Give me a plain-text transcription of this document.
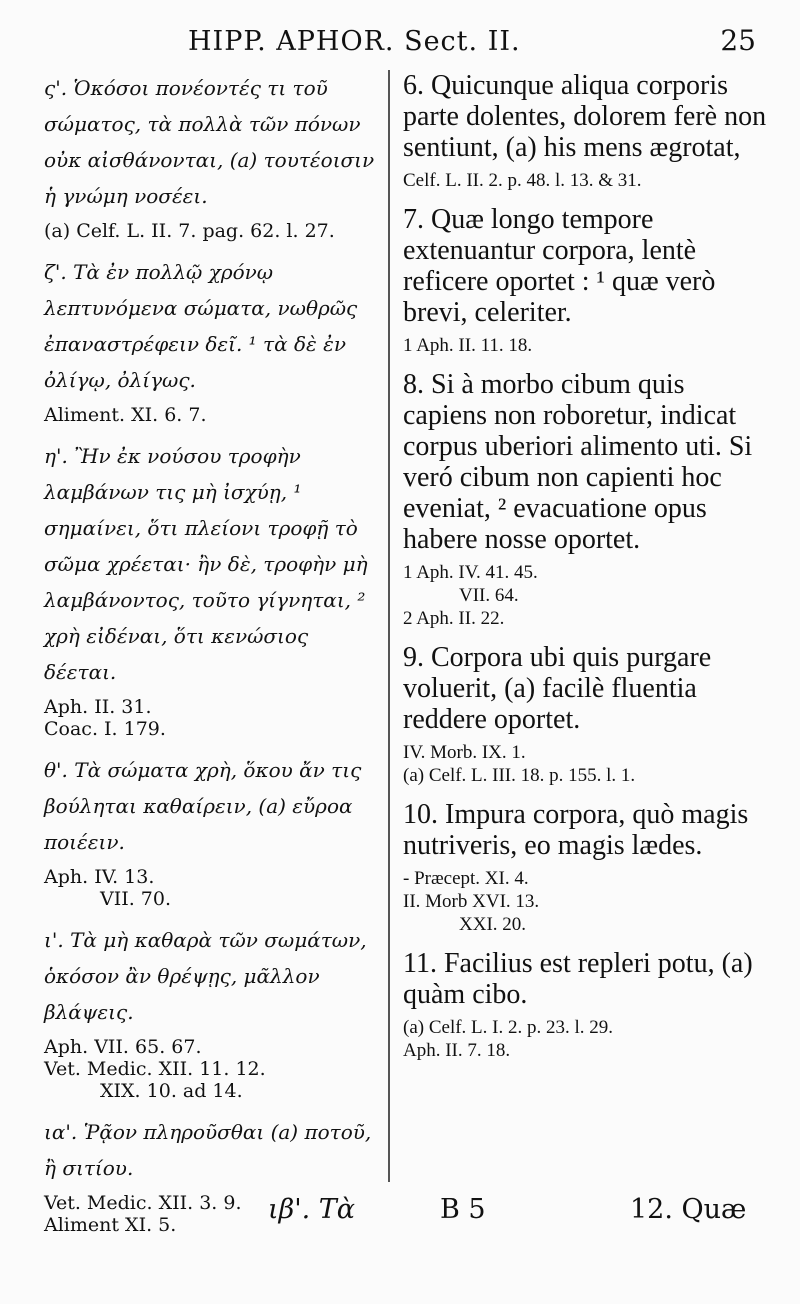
HIPP. APHOR. Sect. II.	25
ς'. Ὁκόσοι πονέοντές τι τοῦ σώματος, τὰ πολλὰ τῶν πόνων οὐκ αἰσθάνονται, (a) τουτέοισιν ἡ γνώμη νοσέει.
(a) Celf. L. II. 7. pag. 62. l. 27.
ζ'. Τὰ ἐν πολλῷ χρόνῳ λεπτυνόμενα σώματα, νωθρῶς ἐπαναστρέφειν δεῖ. ¹ τὰ δὲ ἐν ὀλίγῳ, ὀλίγως.
Aliment. XI. 6. 7.
η'. Ἢν ἐκ νούσου τροφὴν λαμβάνων τις μὴ ἰσχύῃ, ¹ σημαίνει, ὅτι πλείονι τροφῇ τὸ σῶμα χρέεται· ἢν δὲ, τροφὴν μὴ λαμβάνοντος, τοῦτο γίγνηται, ² χρὴ εἰδέναι, ὅτι κενώσιος δέεται.
Aph. II. 31.
Coac. I. 179.
θ'. Τὰ σώματα χρὴ, ὅκου ἄν τις βούληται καθαίρειν, (a) εὔροα ποιέειν.
Aph. IV. 13.
VII. 70.
ι'. Τὰ μὴ καθαρὰ τῶν σωμάτων, ὁκόσον ἂν θρέψῃς, μᾶλλον βλάψεις.
Aph. VII. 65. 67.
Vet. Medic. XII. 11. 12.
XIX. 10. ad 14.
ια'. Ῥᾷον πληροῦσθαι (a) ποτοῦ, ἢ σιτίου.
Vet. Medic. XII. 3. 9.
Aliment XI. 5.
6. Quicunque aliqua corporis parte dolentes, dolorem ferè non sentiunt, (a) his mens ægrotat,
Celf. L. II. 2. p. 48. l. 13. & 31.
7. Quæ longo tempore extenuantur corpora, lentè reficere oportet : ¹ quæ verò brevi, celeriter.
1 Aph. II. 11. 18.
8. Si à morbo cibum quis capiens non roboretur, indicat corpus uberiori alimento uti. Si veró cibum non capienti hoc eveniat, ² evacuatione opus habere nosse oportet.
1 Aph. IV. 41. 45.
VII. 64.
2 Aph. II. 22.
9. Corpora ubi quis purgare voluerit, (a) facilè fluentia reddere oportet.
IV. Morb. IX. 1.
(a) Celf. L. III. 18. p. 155. l. 1.
10. Impura corpora, quò magis nutriveris, eo magis lædes.
- Præcept. XI. 4.
II. Morb XVI. 13.
XXI. 20.
11. Facilius est repleri potu, (a) quàm cibo.
(a) Celf. L. I. 2. p. 23. l. 29.
Aph. II. 7. 18.
ιβ'. Τὰ	B 5	12. Quæ
